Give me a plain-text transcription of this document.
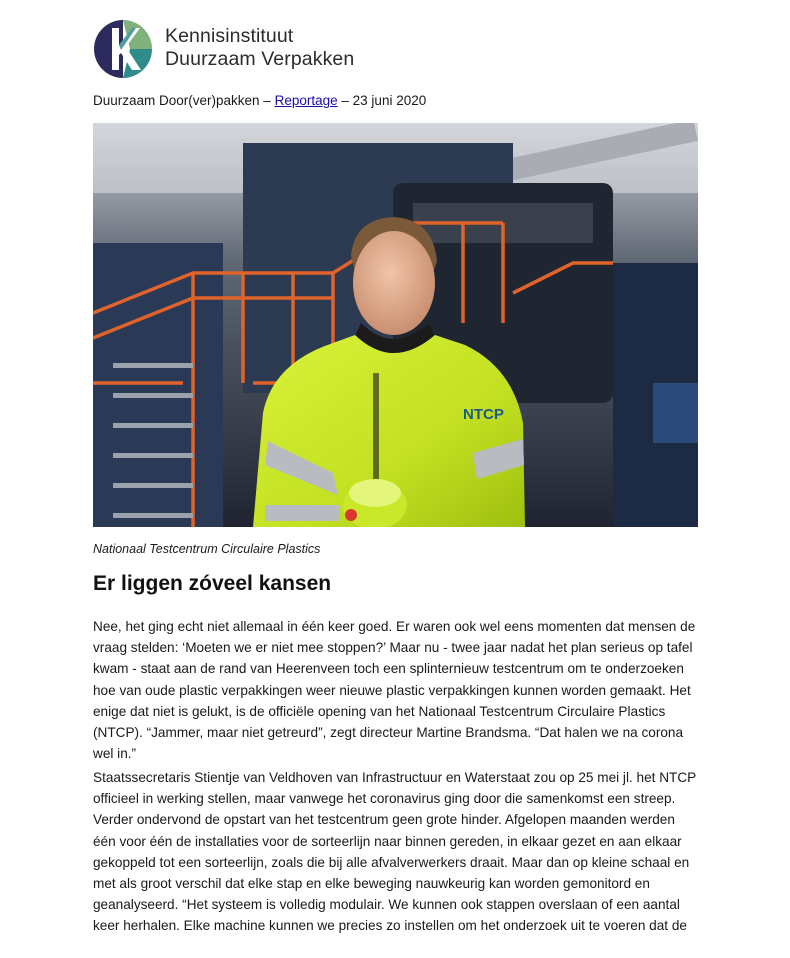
Kennisinstituut
Duurzaam Verpakken
Duurzaam Door(ver)pakken – Reportage – 23 juni 2020
NTCP
Nationaal Testcentrum Circulaire Plastics
Er liggen zóveel kansen
Nee, het ging echt niet allemaal in één keer goed. Er waren ook wel eens momenten dat mensen de
vraag stelden: ‘Moeten we er niet mee stoppen?’ Maar nu - twee jaar nadat het plan serieus op tafel
kwam - staat aan de rand van Heerenveen toch een splinternieuw testcentrum om te onderzoeken
hoe van oude plastic verpakkingen weer nieuwe plastic verpakkingen kunnen worden gemaakt. Het
enige dat niet is gelukt, is de officiële opening van het Nationaal Testcentrum Circulaire Plastics
(NTCP). “Jammer, maar niet getreurd”, zegt directeur Martine Brandsma. “Dat halen we na corona
wel in.”
Staatssecretaris Stientje van Veldhoven van Infrastructuur en Waterstaat zou op 25 mei jl. het NTCP
officieel in werking stellen, maar vanwege het coronavirus ging door die samenkomst een streep.
Verder ondervond de opstart van het testcentrum geen grote hinder. Afgelopen maanden werden
één voor één de installaties voor de sorteerlijn naar binnen gereden, in elkaar gezet en aan elkaar
gekoppeld tot een sorteerlijn, zoals die bij alle afvalverwerkers draait. Maar dan op kleine schaal en
met als groot verschil dat elke stap en elke beweging nauwkeurig kan worden gemonitord en
geanalyseerd. “Het systeem is volledig modulair. We kunnen ook stappen overslaan of een aantal
keer herhalen. Elke machine kunnen we precies zo instellen om het onderzoek uit te voeren dat de
